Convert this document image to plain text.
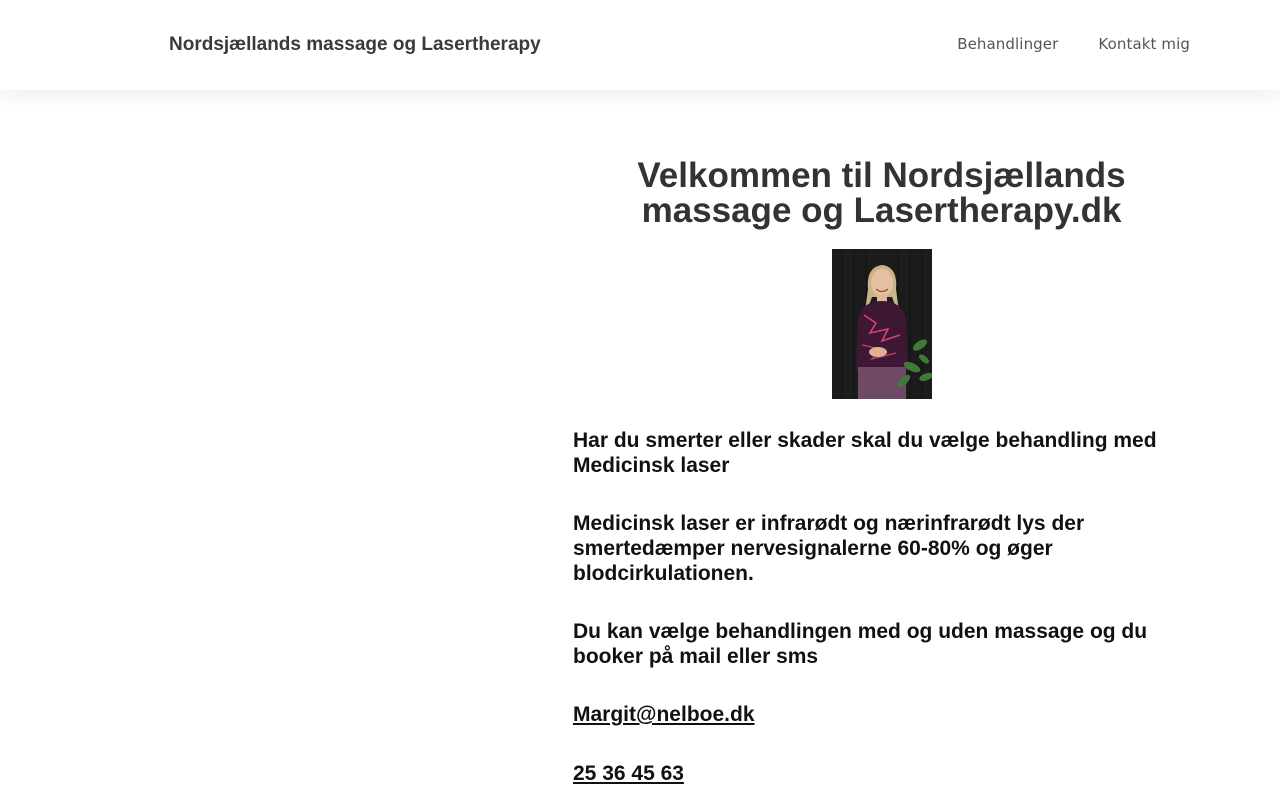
Nordsjællands massage og Lasertherapy	Behandlinger	Kontakt mig
Velkommen til Nordsjællands massage og Lasertherapy.dk

Har du smerter eller skader skal du vælge behandling med Medicinsk laser

Medicinsk laser er infrarødt og nærinfrarødt lys der smertedæmper nervesignalerne 60-80% og øger blodcirkulationen.

Du kan vælge behandlingen med og uden massage og du booker på mail eller sms

Margit@nelboe.dk
25 36 45 63
